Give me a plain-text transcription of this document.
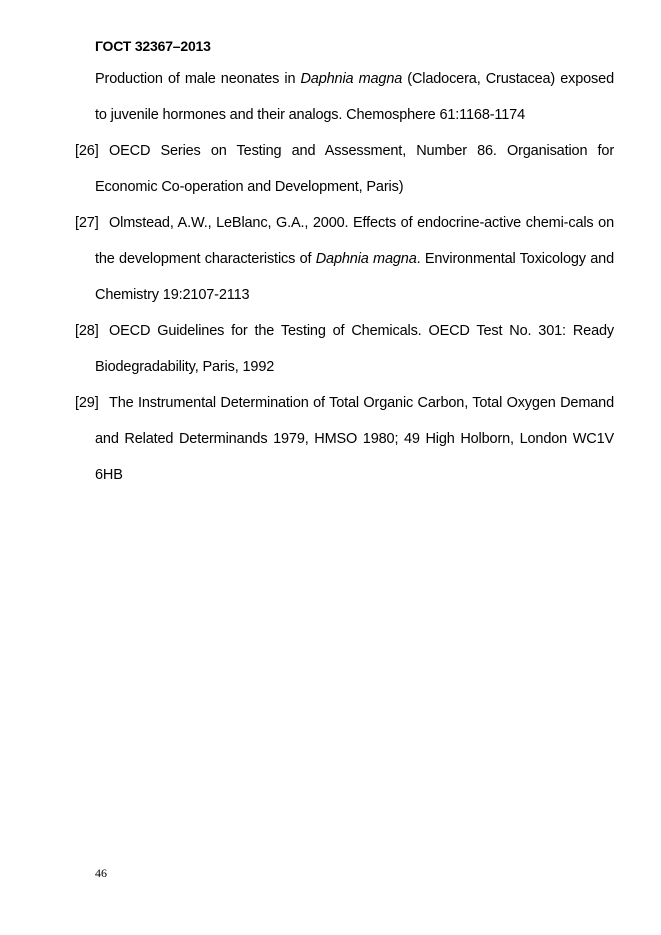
ГОСТ 32367–2013
Production of male neonates in Daphnia magna (Cladocera, Crustacea) exposed to juvenile hormones and their analogs. Chemosphere 61:1168-1174
[26] OECD Series on Testing and Assessment, Number 86. Organisation for Economic Co-operation and Development, Paris)
[27] Olmstead, A.W., LeBlanc, G.A., 2000. Effects of endocrine-active chemi-cals on the development characteristics of Daphnia magna. Environmental Toxicology and Chemistry 19:2107-2113
[28] OECD Guidelines for the Testing of Chemicals. OECD Test No. 301: Ready Biodegradability, Paris, 1992
[29] The Instrumental Determination of Total Organic Carbon, Total Oxygen Demand and Related Determinands 1979, HMSO 1980; 49 High Holborn, London WC1V 6HB
46
